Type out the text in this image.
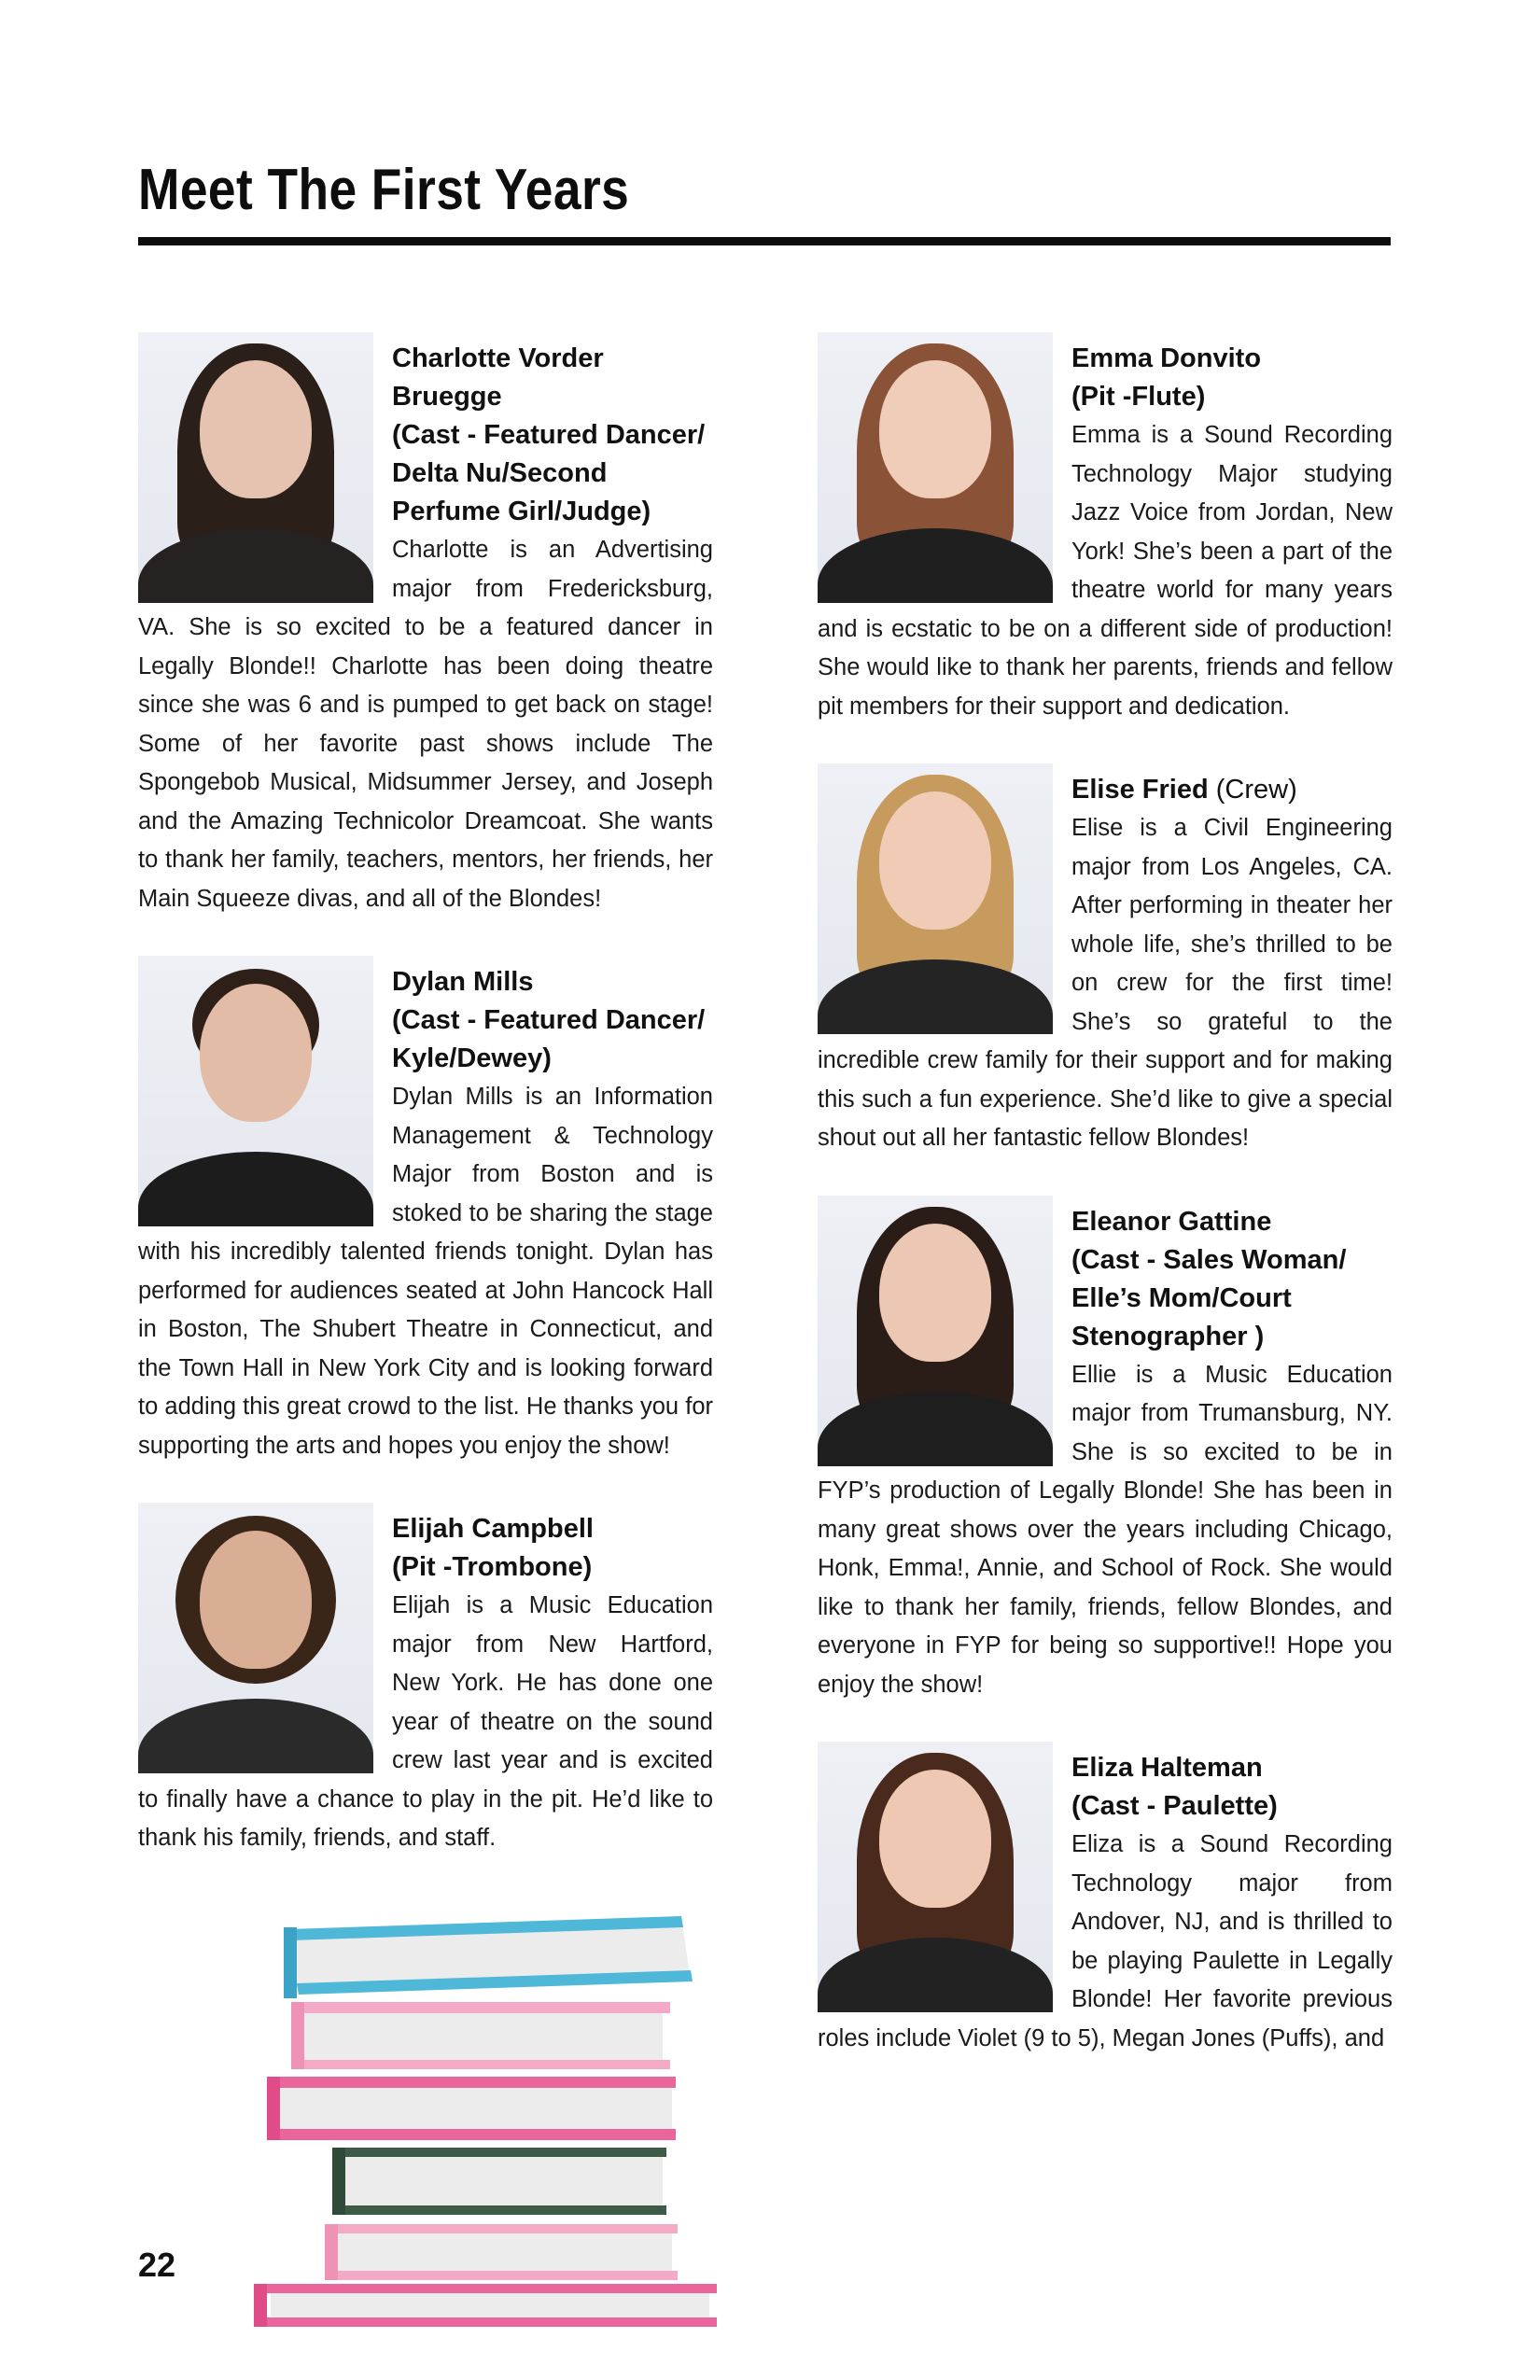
Meet The First Years
Charlotte Vorder
Bruegge
(Cast - Featured Dancer/
Delta Nu/Second
Perfume Girl/Judge)

Charlotte is an Advertising major from Fredericksburg, VA. She is so excited to be a featured dancer in Legally Blonde!! Charlotte has been doing theatre since she was 6 and is pumped to get back on stage! Some of her favorite past shows include The Spongebob Musical, Midsummer Jersey, and Joseph and the Amazing Technicolor Dreamcoat. She wants to thank her family, teachers, mentors, her friends, her Main Squeeze divas, and all of the Blondes!

Dylan Mills
(Cast - Featured Dancer/
Kyle/Dewey)

Dylan Mills is an Information Management & Technology Major from Boston and is stoked to be sharing the stage with his incredibly talented friends tonight. Dylan has performed for audiences seated at John Hancock Hall in Boston, The Shubert Theatre in Connecticut, and the Town Hall in New York City and is looking forward to adding this great crowd to the list. He thanks you for supporting the arts and hopes you enjoy the show!

Elijah Campbell
(Pit -Trombone)

Elijah is a Music Education major from New Hartford, New York. He has done one year of theatre on the sound crew last year and is excited to finally have a chance to play in the pit. He’d like to thank his family, friends, and staff.

Emma Donvito
(Pit -Flute)

Emma is a Sound Recording Technology Major studying Jazz Voice from Jordan, New York! She’s been a part of the theatre world for many years and is ecstatic to be on a different side of production! She would like to thank her parents, friends and fellow pit members for their support and dedication.

Elise Fried (Crew)

Elise is a Civil Engineering major from Los Angeles, CA. After performing in theater her whole life, she’s thrilled to be on crew for the first time! She’s so grateful to the incredible crew family for their support and for making this such a fun experience. She’d like to give a special shout out all her fantastic fellow Blondes!

Eleanor Gattine
(Cast - Sales Woman/
Elle’s Mom/Court
Stenographer )

Ellie is a Music Education major from Trumansburg, NY. She is so excited to be in FYP’s production of Legally Blonde! She has been in many great shows over the years including Chicago, Honk, Emma!, Annie, and School of Rock. She would like to thank her family, friends, fellow Blondes, and everyone in FYP for being so supportive!! Hope you enjoy the show!

Eliza Halteman
(Cast - Paulette)

Eliza is a Sound Recording Technology major from Andover, NJ, and is thrilled to be playing Paulette in Legally Blonde! Her favorite previous roles include Violet (9 to 5), Megan Jones (Puffs), and

22
